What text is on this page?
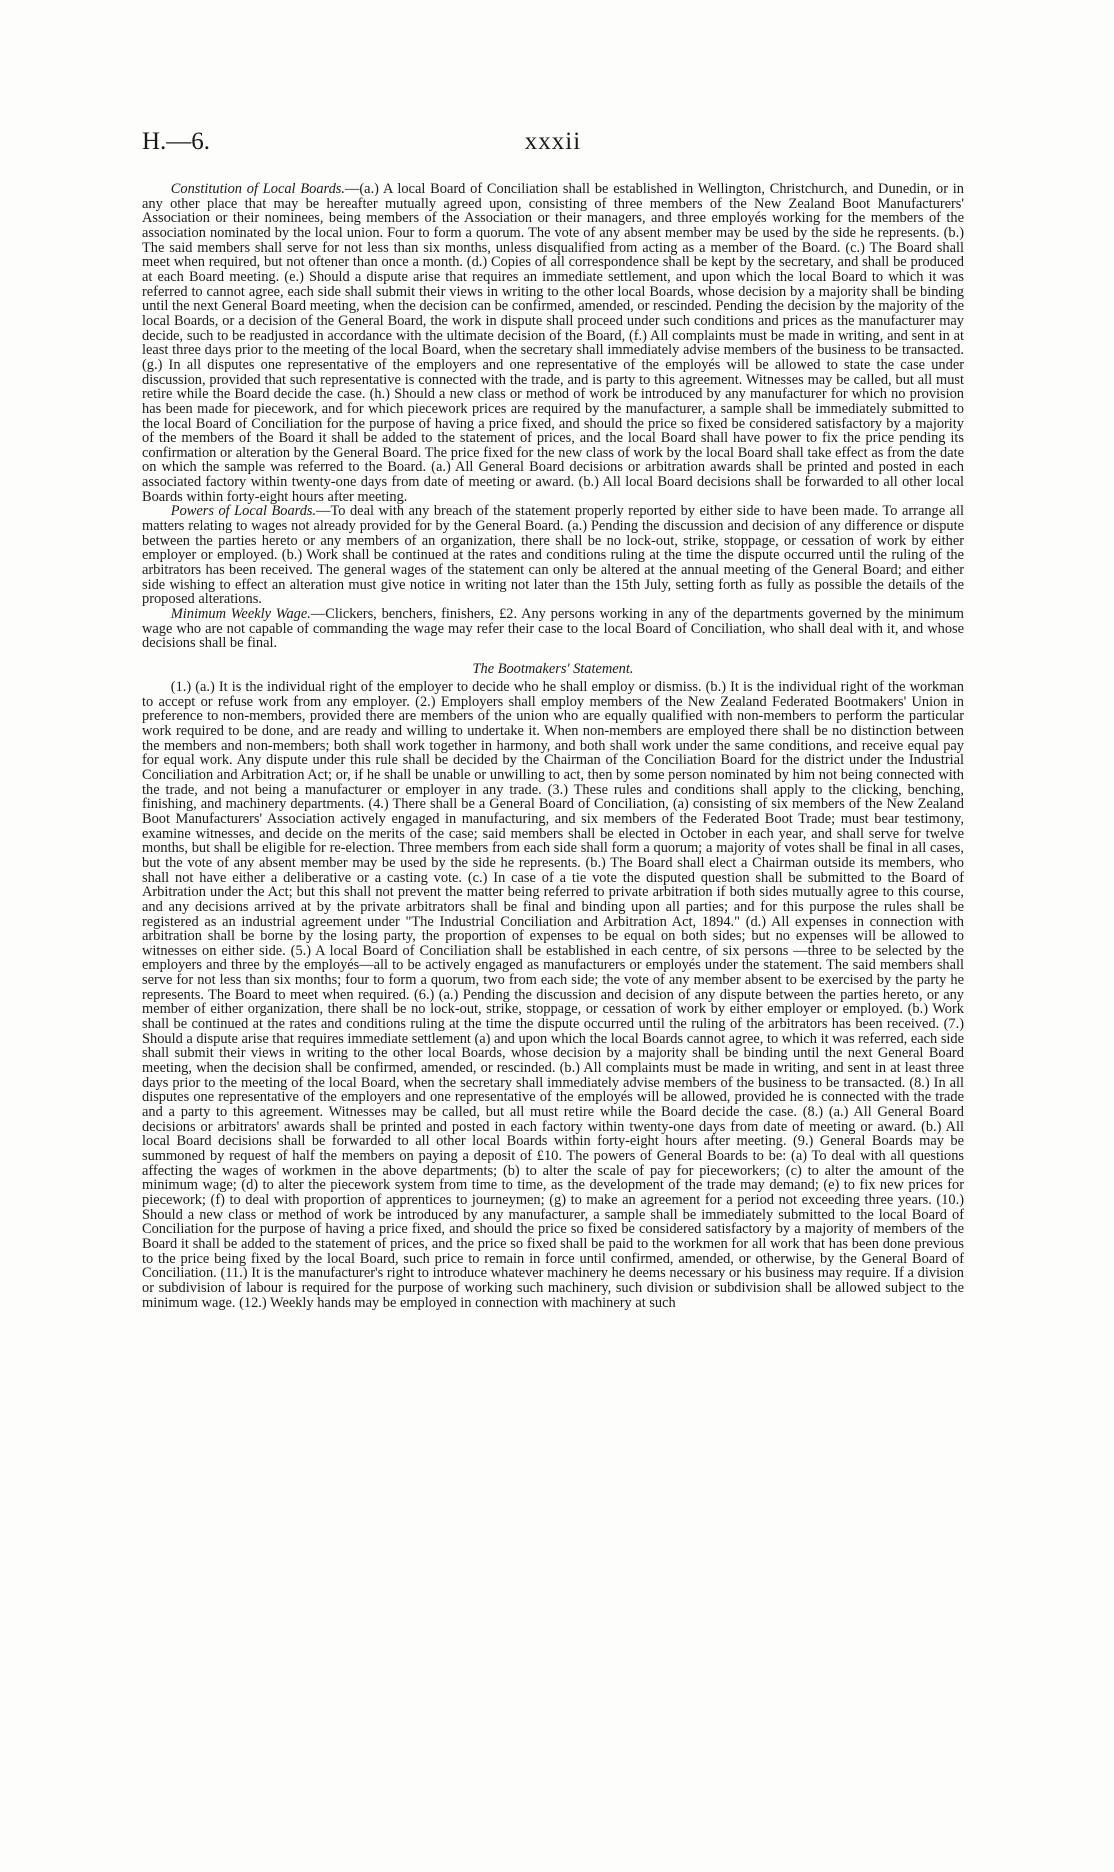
H.—6.	xxxii

Constitution of Local Boards.—(a.) A local Board of Conciliation shall be established in Wellington, Christchurch, and Dunedin, or in any other place that may be hereafter mutually agreed upon, consisting of three members of the New Zealand Boot Manufacturers' Association or their nominees, being members of the Association or their managers, and three employés working for the members of the association nominated by the local union. Four to form a quorum. The vote of any absent member may be used by the side he represents. (b.) The said members shall serve for not less than six months, unless disqualified from acting as a member of the Board. (c.) The Board shall meet when required, but not oftener than once a month. (d.) Copies of all correspondence shall be kept by the secretary, and shall be produced at each Board meeting. (e.) Should a dispute arise that requires an immediate settlement, and upon which the local Board to which it was referred to cannot agree, each side shall submit their views in writing to the other local Boards, whose decision by a majority shall be binding until the next General Board meeting, when the decision can be confirmed, amended, or rescinded. Pending the decision by the majority of the local Boards, or a decision of the General Board, the work in dispute shall proceed under such conditions and prices as the manufacturer may decide, such to be readjusted in accordance with the ultimate decision of the Board, (f.) All complaints must be made in writing, and sent in at least three days prior to the meeting of the local Board, when the secretary shall immediately advise members of the business to be transacted. (g.) In all disputes one representative of the employers and one representative of the employés will be allowed to state the case under discussion, provided that such representative is connected with the trade, and is party to this agreement. Witnesses may be called, but all must retire while the Board decide the case. (h.) Should a new class or method of work be introduced by any manufacturer for which no provision has been made for piecework, and for which piecework prices are required by the manufacturer, a sample shall be immediately submitted to the local Board of Conciliation for the purpose of having a price fixed, and should the price so fixed be considered satisfactory by a majority of the members of the Board it shall be added to the statement of prices, and the local Board shall have power to fix the price pending its confirmation or alteration by the General Board. The price fixed for the new class of work by the local Board shall take effect as from the date on which the sample was referred to the Board. (a.) All General Board decisions or arbitration awards shall be printed and posted in each associated factory within twenty-one days from date of meeting or award. (b.) All local Board decisions shall be forwarded to all other local Boards within forty-eight hours after meeting.

Powers of Local Boards.—To deal with any breach of the statement properly reported by either side to have been made. To arrange all matters relating to wages not already provided for by the General Board. (a.) Pending the discussion and decision of any difference or dispute between the parties hereto or any members of an organization, there shall be no lock-out, strike, stoppage, or cessation of work by either employer or employed. (b.) Work shall be continued at the rates and conditions ruling at the time the dispute occurred until the ruling of the arbitrators has been received. The general wages of the statement can only be altered at the annual meeting of the General Board; and either side wishing to effect an alteration must give notice in writing not later than the 15th July, setting forth as fully as possible the details of the proposed alterations.

Minimum Weekly Wage.—Clickers, benchers, finishers, £2. Any persons working in any of the departments governed by the minimum wage who are not capable of commanding the wage may refer their case to the local Board of Conciliation, who shall deal with it, and whose decisions shall be final.

The Bootmakers' Statement.

(1.) (a.) It is the individual right of the employer to decide who he shall employ or dismiss. (b.) It is the individual right of the workman to accept or refuse work from any employer. (2.) Employers shall employ members of the New Zealand Federated Bootmakers' Union in preference to non-members, provided there are members of the union who are equally qualified with non-members to perform the particular work required to be done, and are ready and willing to undertake it. When non-members are employed there shall be no distinction between the members and non-members; both shall work together in harmony, and both shall work under the same conditions, and receive equal pay for equal work. Any dispute under this rule shall be decided by the Chairman of the Conciliation Board for the district under the Industrial Conciliation and Arbitration Act; or, if he shall be unable or unwilling to act, then by some person nominated by him not being connected with the trade, and not being a manufacturer or employer in any trade. (3.) These rules and conditions shall apply to the clicking, benching, finishing, and machinery departments. (4.) There shall be a General Board of Conciliation, (a) consisting of six members of the New Zealand Boot Manufacturers' Association actively engaged in manufacturing, and six members of the Federated Boot Trade; must bear testimony, examine witnesses, and decide on the merits of the case; said members shall be elected in October in each year, and shall serve for twelve months, but shall be eligible for re-election. Three members from each side shall form a quorum; a majority of votes shall be final in all cases, but the vote of any absent member may be used by the side he represents. (b.) The Board shall elect a Chairman outside its members, who shall not have either a deliberative or a casting vote. (c.) In case of a tie vote the disputed question shall be submitted to the Board of Arbitration under the Act; but this shall not prevent the matter being referred to private arbitration if both sides mutually agree to this course, and any decisions arrived at by the private arbitrators shall be final and binding upon all parties; and for this purpose the rules shall be registered as an industrial agreement under "The Industrial Conciliation and Arbitration Act, 1894." (d.) All expenses in connection with arbitration shall be borne by the losing party, the proportion of expenses to be equal on both sides; but no expenses will be allowed to witnesses on either side. (5.) A local Board of Conciliation shall be established in each centre, of six persons —three to be selected by the employers and three by the employés—all to be actively engaged as manufacturers or employés under the statement. The said members shall serve for not less than six months; four to form a quorum, two from each side; the vote of any member absent to be exercised by the party he represents. The Board to meet when required. (6.) (a.) Pending the discussion and decision of any dispute between the parties hereto, or any member of either organization, there shall be no lock-out, strike, stoppage, or cessation of work by either employer or employed. (b.) Work shall be continued at the rates and conditions ruling at the time the dispute occurred until the ruling of the arbitrators has been received. (7.) Should a dispute arise that requires immediate settlement (a) and upon which the local Boards cannot agree, to which it was referred, each side shall submit their views in writing to the other local Boards, whose decision by a majority shall be binding until the next General Board meeting, when the decision shall be confirmed, amended, or rescinded. (b.) All complaints must be made in writing, and sent in at least three days prior to the meeting of the local Board, when the secretary shall immediately advise members of the business to be transacted. (8.) In all disputes one representative of the employers and one representative of the employés will be allowed, provided he is connected with the trade and a party to this agreement. Witnesses may be called, but all must retire while the Board decide the case. (8.) (a.) All General Board decisions or arbitrators' awards shall be printed and posted in each factory within twenty-one days from date of meeting or award. (b.) All local Board decisions shall be forwarded to all other local Boards within forty-eight hours after meeting. (9.) General Boards may be summoned by request of half the members on paying a deposit of £10. The powers of General Boards to be: (a) To deal with all questions affecting the wages of workmen in the above departments; (b) to alter the scale of pay for pieceworkers; (c) to alter the amount of the minimum wage; (d) to alter the piecework system from time to time, as the development of the trade may demand; (e) to fix new prices for piecework; (f) to deal with proportion of apprentices to journeymen; (g) to make an agreement for a period not exceeding three years. (10.) Should a new class or method of work be introduced by any manufacturer, a sample shall be immediately submitted to the local Board of Conciliation for the purpose of having a price fixed, and should the price so fixed be considered satisfactory by a majority of members of the Board it shall be added to the statement of prices, and the price so fixed shall be paid to the workmen for all work that has been done previous to the price being fixed by the local Board, such price to remain in force until confirmed, amended, or otherwise, by the General Board of Conciliation. (11.) It is the manufacturer's right to introduce whatever machinery he deems necessary or his business may require. If a division or subdivision of labour is required for the purpose of working such machinery, such division or subdivision shall be allowed subject to the minimum wage. (12.) Weekly hands may be employed in connection with machinery at such
